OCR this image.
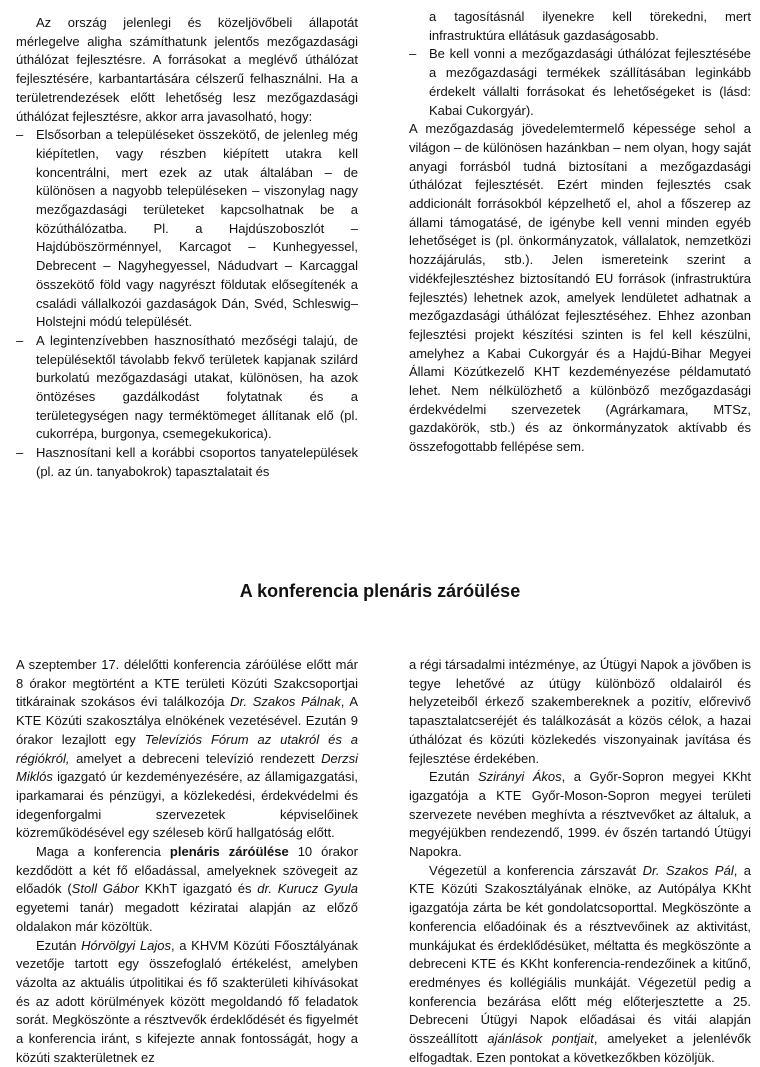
Az ország jelenlegi és közeljövőbeli állapotát mérlegelve aligha számíthatunk jelentős mezőgazdasági úthálózat fejlesztésre. A forrásokat a meglévő úthálózat fejlesztésére, karbantartására célszerű felhasználni. Ha a területrendezések előtt lehetőség lesz mezőgazdasági úthálózat fejlesztésre, akkor arra javasolható, hogy:

– Elsősorban a településeket összekötő, de jelenleg még kiépítetlen, vagy részben kiépített utakra kell koncentrálni, mert ezek az utak általában – de különösen a nagyobb településeken – viszonylag nagy mezőgazdasági területeket kapcsolhatnak be a közúthálózatba. Pl. a Hajdúszoboszlót – Hajdúböszörménnyel, Karcagot – Kunhegyessel, Debrecent – Nagyhegyessel, Nádudvart – Karcaggal összekötő föld vagy nagyrészt földutak elősegítenék a családi vállalkozói gazdaságok Dán, Svéd, Schleswig– Holstejni módú települését.
– A legintenzívebben hasznosítható mezőségi talajú, de településektől távolabb fekvő területek kapjanak szilárd burkolatú mezőgazdasági utakat, különösen, ha azok öntözéses gazdálkodást folytatnak és a területegységen nagy terméktömeget állítanak elő (pl. cukorrépa, burgonya, csemegekukorica).
– Hasznosítani kell a korábbi csoportos tanyatelepülések (pl. az ún. tanyabokrok) tapasztalatait és

a tagosításnál ilyenekre kell törekedni, mert infrastruktúra ellátásuk gazdaságosabb.

– Be kell vonni a mezőgazdasági úthálózat fejlesztésébe a mezőgazdasági termékek szállításában leginkább érdekelt vállalti forrásokat és lehetőségeket is (lásd: Kabai Cukorgyár).

A mezőgazdaság jövedelemtermelő képessége sehol a világon – de különösen hazánkban – nem olyan, hogy saját anyagi forrásból tudná biztosítani a mezőgazdasági úthálózat fejlesztését. Ezért minden fejlesztés csak addicionált forrásokból képzelhető el, ahol a főszerep az állami támogatásé, de igénybe kell venni minden egyéb lehetőséget is (pl. önkormányzatok, vállalatok, nemzetközi hozzájárulás, stb.). Jelen ismereteink szerint a vidékfejlesztéshez biztosítandó EU források (infrastruktúra fejlesztés) lehetnek azok, amelyek lendületet adhatnak a mezőgazdasági úthálózat fejlesztéséhez. Ehhez azonban fejlesztési projekt készítési szinten is fel kell készülni, amelyhez a Kabai Cukorgyár és a Hajdú-Bihar Megyei Állami Közútkezelő KHT kezdeményezése példamutató lehet. Nem nélkülözhető a különböző mezőgazdasági érdekvédelmi szervezetek (Agrárkamara, MTSz, gazdakörök, stb.) és az önkormányzatok aktívabb és összefogottabb fellépése sem.

A konferencia plenáris záróülése

A szeptember 17. délelőtti konferencia záróülése előtt már 8 órakor megtörtént a KTE területi Közúti Szakcsoportjai titkárainak szokásos évi találkozója Dr. Szakos Pálnak, A KTE Közúti szakosztálya elnökének vezetésével. Ezután 9 órakor lezajlott egy Televíziós Fórum az utakról és a régiókról, amelyet a debreceni televízió rendezett Derzsi Miklós igazgató úr kezdeményezésére, az államigazgatási, iparkamarai és pénzügyi, a közlekedési, érdekvédelmi és idegenforgalmi szervezetek képviselőinek közreműködésével egy széleseb körű hallgatóság előtt.

Maga a konferencia plenáris záróülése 10 órakor kezdődött a két fő előadással, amelyeknek szövegeit az előadók (Stoll Gábor KKhT igazgató és dr. Kurucz Gyula egyetemi tanár) megadott kéziratai alapján az előző oldalakon már közöltük.

Ezután Hórvölgyi Lajos, a KHVM Közúti Főosztályának vezetője tartott egy összefoglaló értékelést, amelyben vázolta az aktuális útpolitikai és fő szakterületi kihívásokat és az adott körülmények között megoldandó fő feladatok sorát. Megköszönte a résztvevők érdeklődését és figyelmét a konferencia iránt, s kifejezte annak fontosságát, hogy a közúti szakterületnek ez

a régi társadalmi intézménye, az Útügyi Napok a jövőben is tegye lehetővé az útügy különböző oldalairól és helyzeteiből érkező szakembereknek a pozitív, előrevivő tapasztalatcseréjét és találkozását a közös célok, a hazai úthálózat és közúti közlekedés viszonyainak javítása és fejlesztése érdekében.

Ezután Szirányi Ákos, a Győr-Sopron megyei KKht igazgatója a KTE Győr-Moson-Sopron megyei területi szervezete nevében meghívta a résztvevőket az általuk, a megyéjükben rendezendő, 1999. év őszén tartandó Útügyi Napokra.

Végezetül a konferencia zárszavát Dr. Szakos Pál, a KTE Közúti Szakosztályának elnöke, az Autópálya KKht igazgatója zárta be két gondolatcsoporttal. Megköszönte a konferencia előadóinak és a résztvevőinek az aktivitást, munkájukat és érdeklődésüket, méltatta és megköszönte a debreceni KTE és KKht konferencia-rendezőinek a kitűnő, eredményes és kollégiális munkáját. Végezetül pedig a konferencia bezárása előtt még előterjesztette a 25. Debreceni Útügyi Napok előadásai és vitái alapján összeállított ajánlások pontjait, amelyeket a jelenlévők elfogadtak. Ezen pontokat a következőkben közöljük.
